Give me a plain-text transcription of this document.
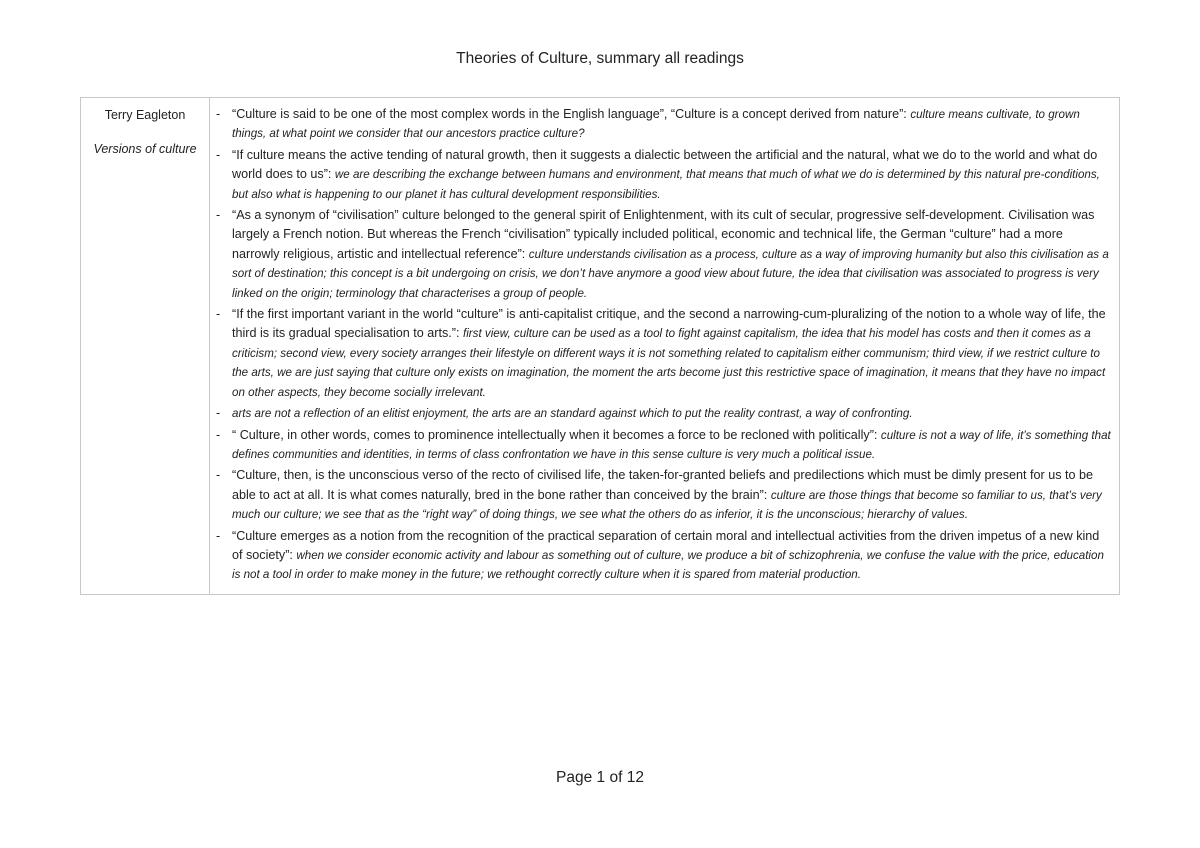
Theories of Culture, summary all readings
Terry Eagleton
Versions of culture

- “Culture is said to be one of the most complex words in the English language”, “Culture is a concept derived from nature”: culture means cultivate, to grown things, at what point we consider that our ancestors practice culture?
- “If culture means the active tending of natural growth, then it suggests a dialectic between the artificial and the natural, what we do to the world and what do world does to us”: we are describing the exchange between humans and environment, that means that much of what we do is determined by this natural pre-conditions, but also what is happening to our planet it has cultural development responsibilities.
- “As a synonym of “civilisation” culture belonged to the general spirit of Enlightenment, with its cult of secular, progressive self-development. Civilisation was largely a French notion. But whereas the French “civilisation” typically included political, economic and technical life, the German “culture” had a more narrowly religious, artistic and intellectual reference”: culture understands civilisation as a process, culture as a way of improving humanity but also this civilisation as a sort of destination; this concept is a bit undergoing on crisis, we don’t have anymore a good view about future, the idea that civilisation was associated to progress is very linked on the origin; terminology that characterises a group of people.
- “If the first important variant in the world “culture” is anti-capitalist critique, and the second a narrowing-cum-pluralizing of the notion to a whole way of life, the third is its gradual specialisation to arts.”: first view, culture can be used as a tool to fight against capitalism, the idea that his model has costs and then it comes as a criticism; second view, every society arranges their lifestyle on different ways it is not something related to capitalism either communism; third view, if we restrict culture to the arts, we are just saying that culture only exists on imagination, the moment the arts become just this restrictive space of imagination, it means that they have no impact on other aspects, they become socially irrelevant.
- arts are not a reflection of an elitist enjoyment, the arts are an standard against which to put the reality contrast, a way of confronting.
- “ Culture, in other words, comes to prominence intellectually when it becomes a force to be recloned with politically”: culture is not a way of life, it’s something that defines communities and identities, in terms of class confrontation we have in this sense culture is very much a political issue.
- “Culture, then, is the unconscious verso of the recto of civilised life, the taken-for-granted beliefs and predilections which must be dimly present for us to be able to act at all. It is what comes naturally, bred in the bone rather than conceived by the brain”: culture are those things that become so familiar to us, that’s very much our culture; we see that as the “right way” of doing things, we see what the others do as inferior, it is the unconscious; hierarchy of values.
- “Culture emerges as a notion from the recognition of the practical separation of certain moral and intellectual activities from the driven impetus of a new kind of society”: when we consider economic activity and labour as something out of culture, we produce a bit of schizophrenia, we confuse the value with the price, education is not a tool in order to make money in the future; we rethought correctly culture when it is spared from material production.
Page 1 of 12
